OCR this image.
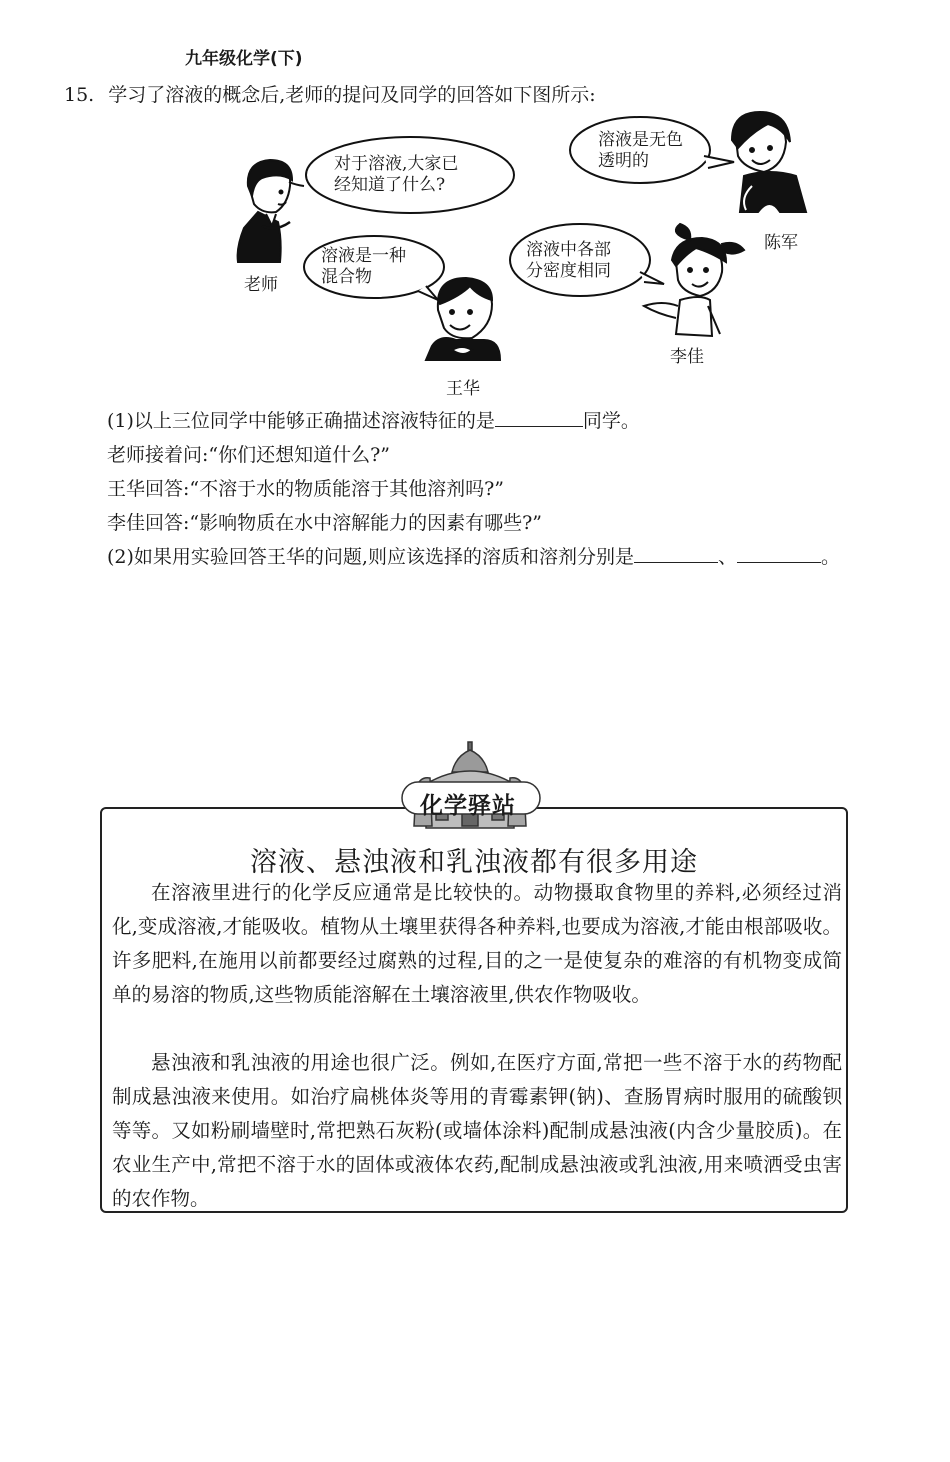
九年级化学(下)
15. 学习了溶液的概念后,老师的提问及同学的回答如下图所示:
对于溶液,大家已
经知道了什么?
溶液是一种
混合物
溶液中各部
分密度相同
溶液是无色
透明的
老师
王华
李佳
陈军
(1)以上三位同学中能够正确描述溶液特征的是	同学。
老师接着问:“你们还想知道什么?”
王华回答:“不溶于水的物质能溶于其他溶剂吗?”
李佳回答:“影响物质在水中溶解能力的因素有哪些?”
(2)如果用实验回答王华的问题,则应该选择的溶质和溶剂分别是	、	。
化学驿站
溶液、悬浊液和乳浊液都有很多用途

在溶液里进行的化学反应通常是比较快的。动物摄取食物里的养料,必须经过消化,变成溶液,才能吸收。植物从土壤里获得各种养料,也要成为溶液,才能由根部吸收。许多肥料,在施用以前都要经过腐熟的过程,目的之一是使复杂的难溶的有机物变成简单的易溶的物质,这些物质能溶解在土壤溶液里,供农作物吸收。

悬浊液和乳浊液的用途也很广泛。例如,在医疗方面,常把一些不溶于水的药物配制成悬浊液来使用。如治疗扁桃体炎等用的青霉素钾(钠)、查肠胃病时服用的硫酸钡等等。又如粉刷墙壁时,常把熟石灰粉(或墙体涂料)配制成悬浊液(内含少量胶质)。在农业生产中,常把不溶于水的固体或液体农药,配制成悬浊液或乳浊液,用来喷洒受虫害的农作物。
